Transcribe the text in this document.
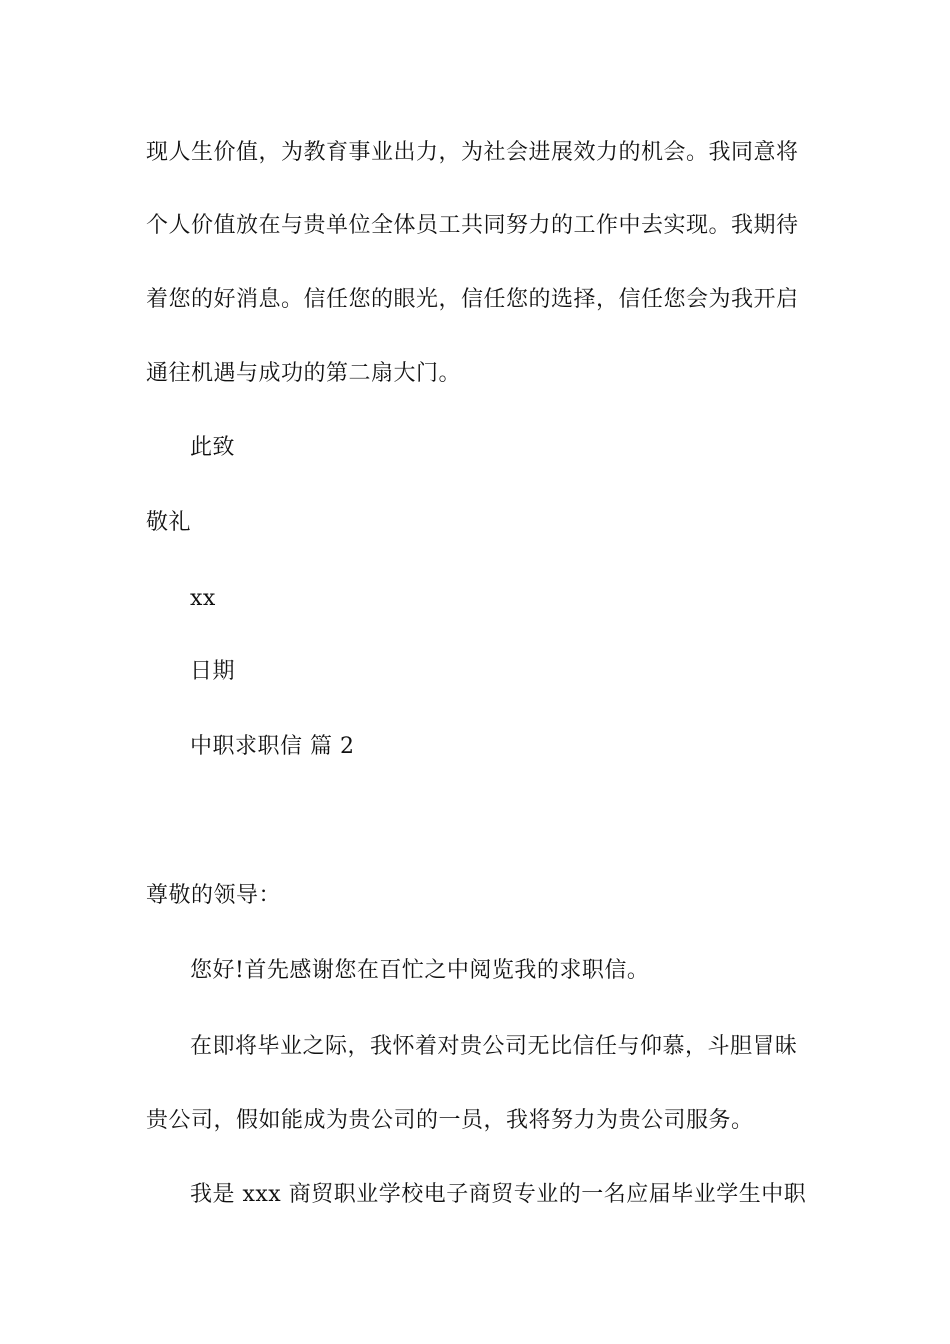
现人生价值，为教育事业出力，为社会进展效力的机会。我同意将
个人价值放在与贵单位全体员工共同努力的工作中去实现。我期待
着您的好消息。信任您的眼光，信任您的选择，信任您会为我开启
通往机遇与成功的第二扇大门。
此致
敬礼
xx
日期
中职求职信 篇 2
尊敬的领导：
您好!首先感谢您在百忙之中阅览我的求职信。
在即将毕业之际，我怀着对贵公司无比信任与仰慕，斗胆冒昧
贵公司，假如能成为贵公司的一员，我将努力为贵公司服务。
我是 xxx 商贸职业学校电子商贸专业的一名应届毕业学生中职
